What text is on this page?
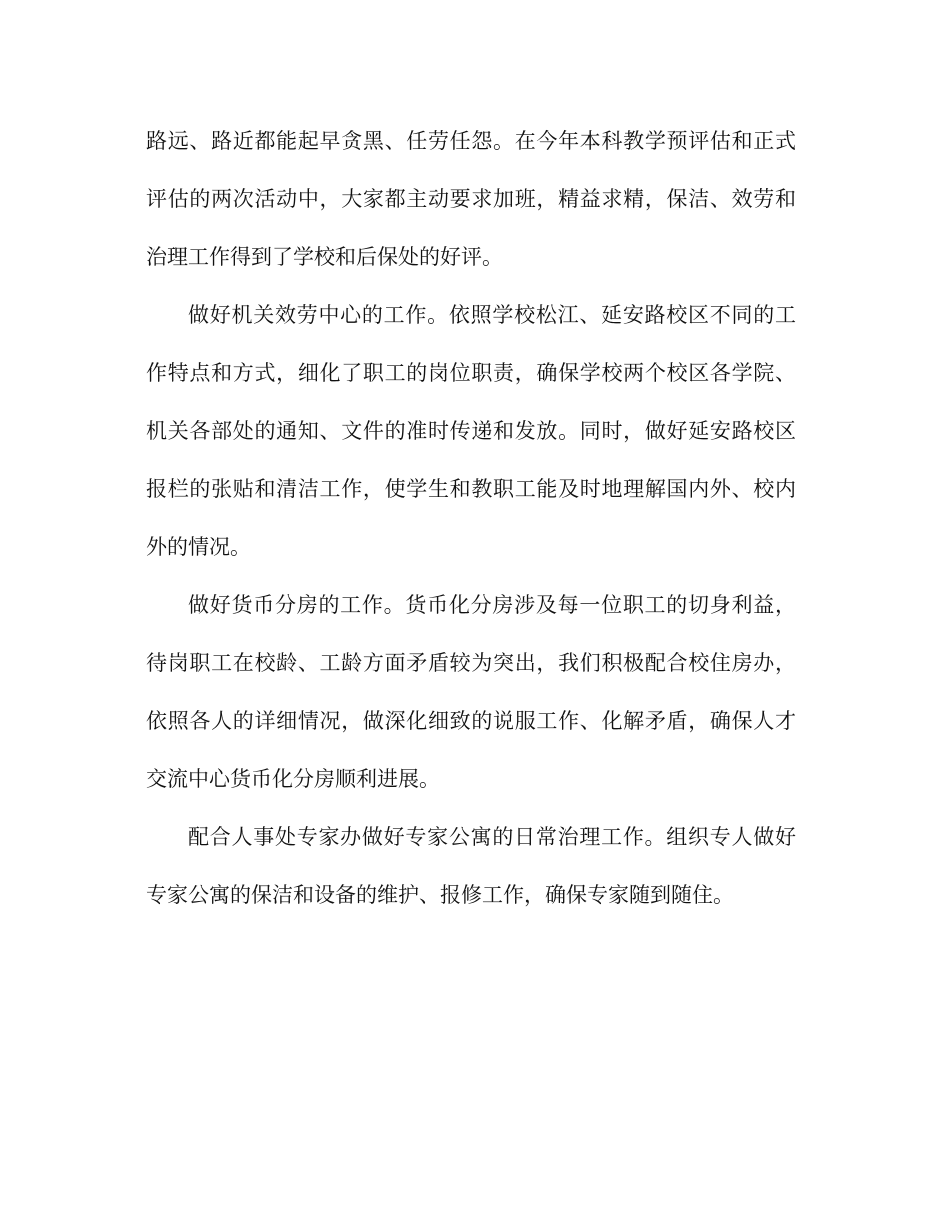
路远、路近都能起早贪黑、任劳任怨。在今年本科教学预评估和正式评估的两次活动中，大家都主动要求加班，精益求精，保洁、效劳和治理工作得到了学校和后保处的好评。

做好机关效劳中心的工作。依照学校松江、延安路校区不同的工作特点和方式，细化了职工的岗位职责，确保学校两个校区各学院、机关各部处的通知、文件的准时传递和发放。同时，做好延安路校区报栏的张贴和清洁工作，使学生和教职工能及时地理解国内外、校内外的情况。

做好货币分房的工作。货币化分房涉及每一位职工的切身利益，待岗职工在校龄、工龄方面矛盾较为突出，我们积极配合校住房办，依照各人的详细情况，做深化细致的说服工作、化解矛盾，确保人才交流中心货币化分房顺利进展。

配合人事处专家办做好专家公寓的日常治理工作。组织专人做好专家公寓的保洁和设备的维护、报修工作，确保专家随到随住。
